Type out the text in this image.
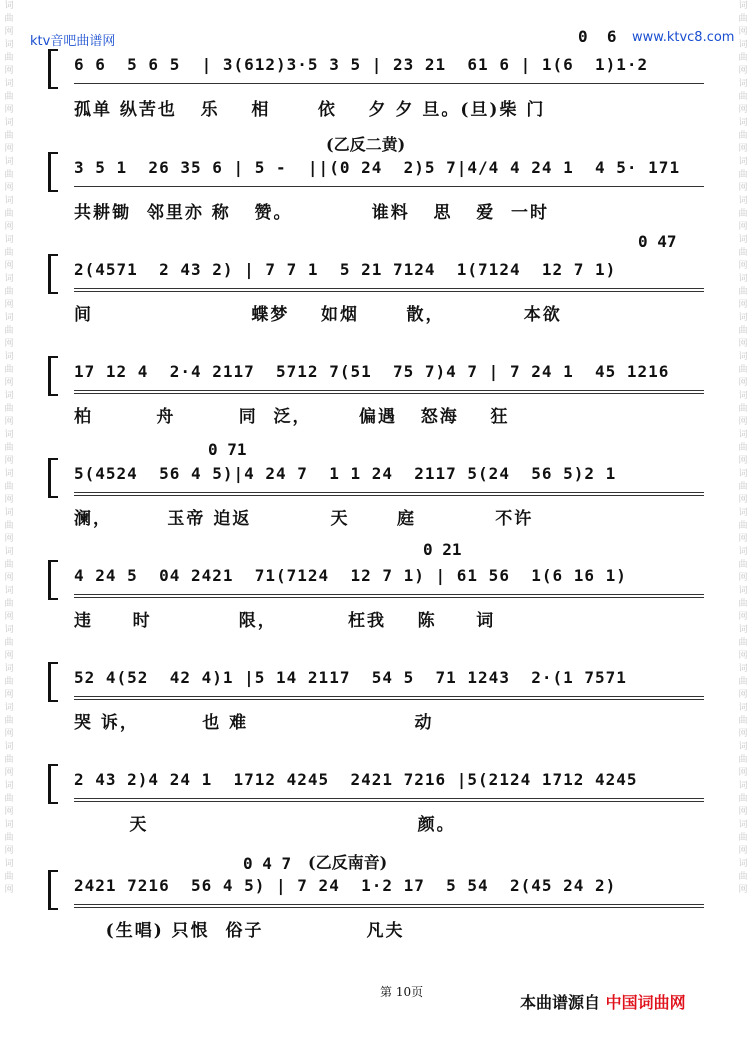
词曲网词曲网词曲网词曲网词曲网词曲网词曲网词曲网词曲网词曲网词曲网词曲网词曲网词曲网词曲网词曲网词曲网词曲网词曲网词曲网词曲网词曲网词曲网
词曲网词曲网词曲网词曲网词曲网词曲网词曲网词曲网词曲网词曲网词曲网词曲网词曲网词曲网词曲网词曲网词曲网词曲网词曲网词曲网词曲网词曲网词曲网
ktv音吧曲谱网	www.ktvc8.com
0  6
6 6  5 6 5  | 3(612)3·5 3 5 | 23 21  61 6 | 1(6  1)1·2
孤单 纵苦也   乐    相      依    夕 夕 旦。(旦)柴 门
(乙反二黄)
3 5 1  26 35 6 | 5 -  ||(0 24  2)5 7|4/4 4 24 1  4 5· 171
共耕锄  邻里亦 称   赞。          谁料   思   爱  一时
0 47
2(4571  2 43 2) | 7 7 1  5 21 7124  1(7124  12 7 1)
间                    蝶梦    如烟      散，          本欲
17 12 4  2·4 2117  5712 7(51  75 7)4 7 | 7 24 1  45 1216
柏        舟        同  泛，      偏遇   怒海    狂
0 71
5(4524  56 4 5)|4 24 7  1 1 24  2117 5(24  56 5)2 1
澜，       玉帝 迫返          天      庭          不许
0 21
4 24 5  04 2421  71(7124  12 7 1) | 61 56  1(6 16 1)
违     时           限，         枉我    陈     词
52 4(52  42 4)1 |5 14 2117  54 5  71 1243  2·(1 7571
哭 诉，        也 难                     动
2 43 2)4 24 1  1712 4245  2421 7216 |5(2124 1712 4245
天                                  颜。
0 4 7 (乙反南音)
2421 7216  56 4 5) | 7 24  1·2 17  5 54  2(45 24 2)
(生唱) 只恨  俗子             凡夫
第 10页
本曲谱源自 中国词曲网
